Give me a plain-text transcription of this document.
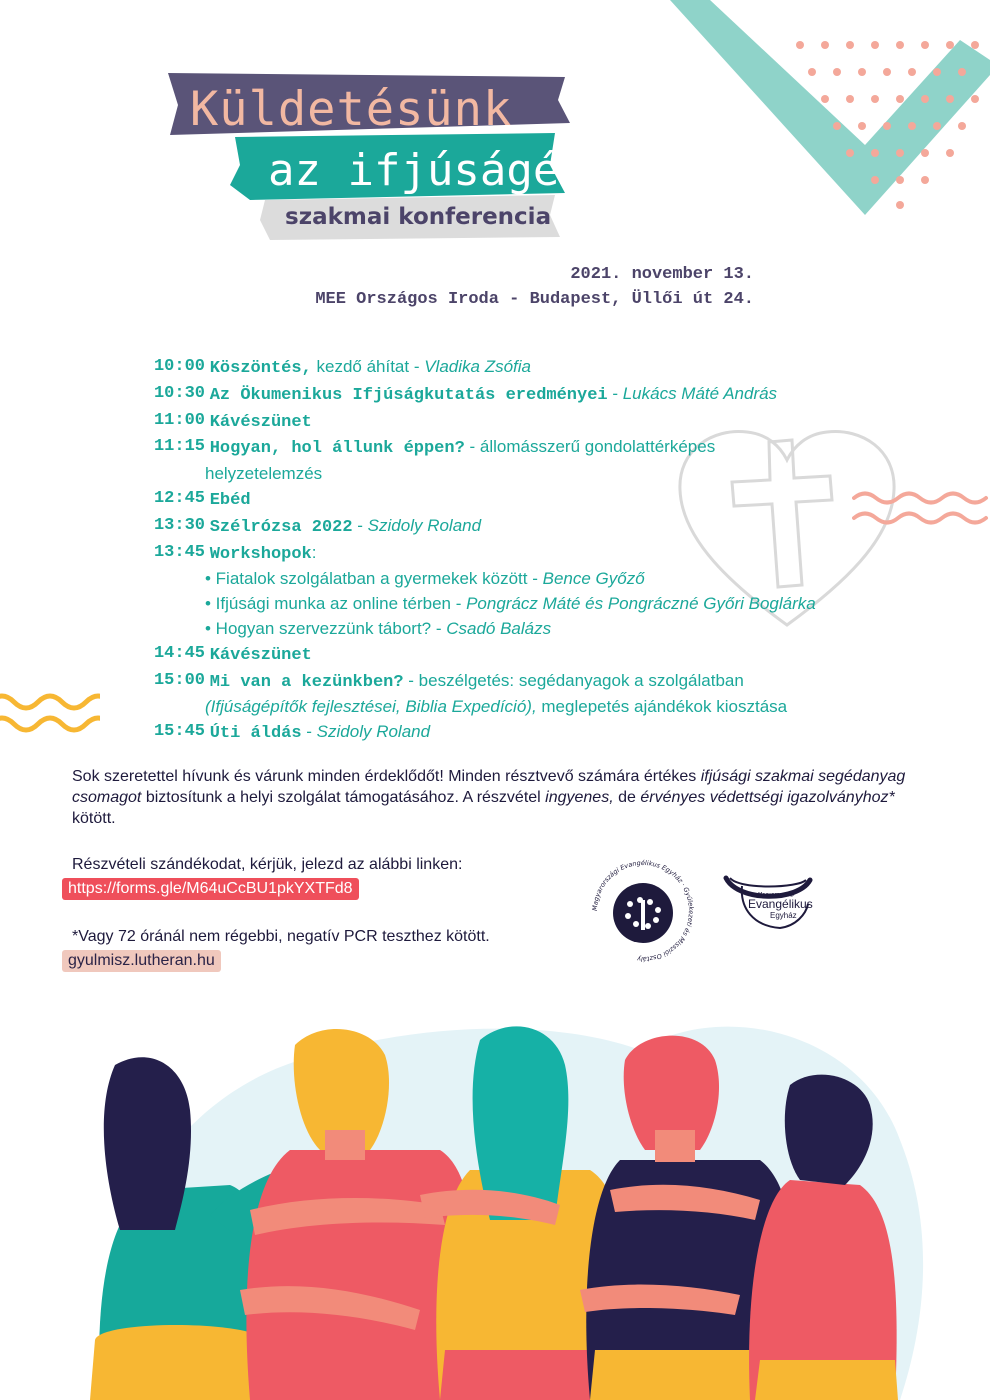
Küldetésünk
az ifjúságért
szakmai konferencia
2021. november 13.
MEE Országos Iroda - Budapest, Üllői út 24.
10:00 Köszöntés, kezdő áhítat - Vladika Zsófia
10:30 Az Ökumenikus Ifjúságkutatás eredményei - Lukács Máté András
11:00 Kávészünet
11:15 Hogyan, hol állunk éppen? - állomásszerű gondolattérképes
helyzetelemzés
12:45 Ebéd
13:30 Szélrózsa 2022 - Szidoly Roland
13:45 Workshopok:
• Fiatalok szolgálatban a gyermekek között - Bence Győző
• Ifjúsági munka az online térben - Pongrácz Máté és Pongráczné Győri Boglárka
• Hogyan szervezzünk tábort? - Csadó Balázs
14:45 Kávészünet
15:00 Mi van a kezünkben? - beszélgetés: segédanyagok a szolgálatban
(Ifjúságépítők fejlesztései, Biblia Expedíció), meglepetés ajándékok kiosztása
15:45 Úti áldás - Szidoly Roland
Sok szeretettel hívunk és várunk minden érdeklődőt! Minden résztvevő számára értékes ifjúsági szakmai segédanyag csomagot biztosítunk a helyi szolgálat támogatásához. A részvétel ingyenes, de érvényes védettségi igazolványhoz* kötött.
Részvételi szándékodat, kérjük, jelezd az alábbi linken:
https://forms.gle/M64uCcBU1pkYXTFd8
*Vagy 72 óránál nem régebbi, negatív PCR teszthez kötött.
gyulmisz.lutheran.hu
Magyarországi Evangélikus Egyház · Gyülekezeti és Missziói Osztály
Magyarországi
Evangélikus
Egyház
